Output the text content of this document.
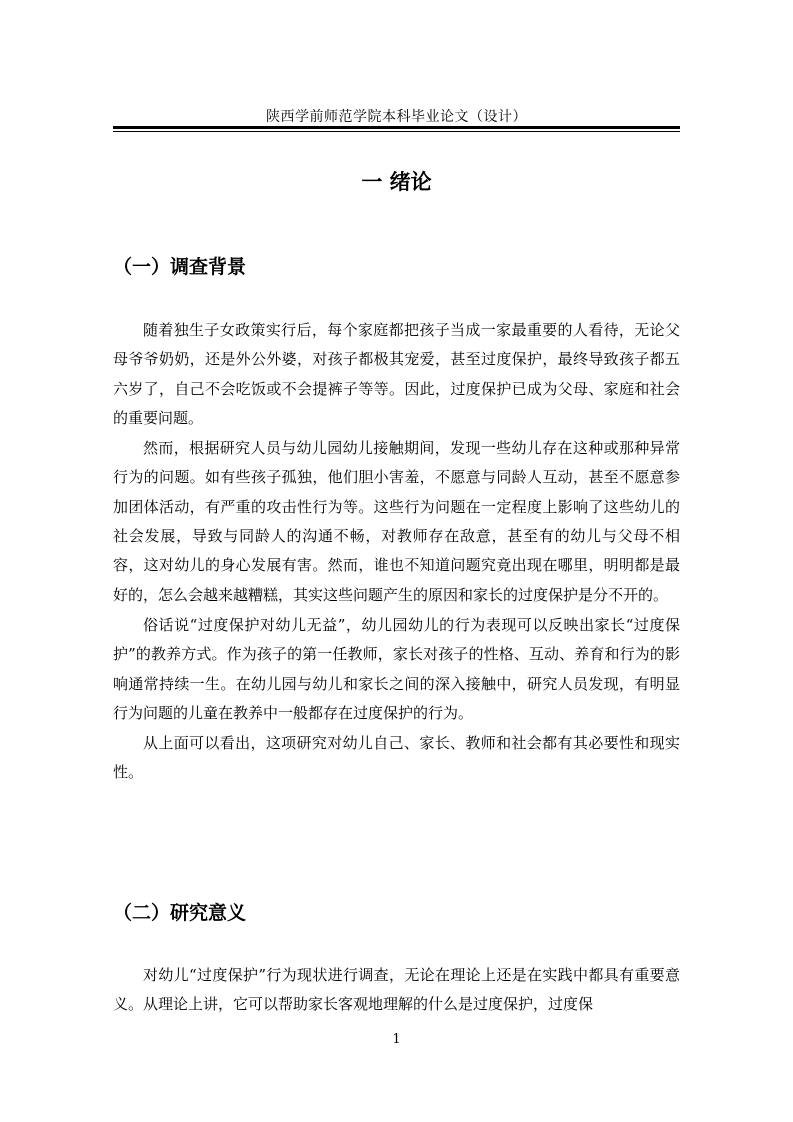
陕西学前师范学院本科毕业论文（设计）
一 绪论
（一）调查背景

随着独生子女政策实行后，每个家庭都把孩子当成一家最重要的人看待，无论父母爷爷奶奶，还是外公外婆，对孩子都极其宠爱，甚至过度保护，最终导致孩子都五六岁了，自己不会吃饭或不会提裤子等等。因此，过度保护已成为父母、家庭和社会的重要问题。

然而，根据研究人员与幼儿园幼儿接触期间，发现一些幼儿存在这种或那种异常行为的问题。如有些孩子孤独，他们胆小害羞，不愿意与同龄人互动，甚至不愿意参加团体活动，有严重的攻击性行为等。这些行为问题在一定程度上影响了这些幼儿的社会发展，导致与同龄人的沟通不畅，对教师存在敌意，甚至有的幼儿与父母不相容，这对幼儿的身心发展有害。然而，谁也不知道问题究竟出现在哪里，明明都是最好的，怎么会越来越糟糕，其实这些问题产生的原因和家长的过度保护是分不开的。

俗话说“过度保护对幼儿无益”，幼儿园幼儿的行为表现可以反映出家长“过度保护”的教养方式。作为孩子的第一任教师，家长对孩子的性格、互动、养育和行为的影响通常持续一生。在幼儿园与幼儿和家长之间的深入接触中，研究人员发现，有明显行为问题的儿童在教养中一般都存在过度保护的行为。

从上面可以看出，这项研究对幼儿自己、家长、教师和社会都有其必要性和现实性。

（二）研究意义

对幼儿“过度保护”行为现状进行调查，无论在理论上还是在实践中都具有重要意义。从理论上讲，它可以帮助家长客观地理解的什么是过度保护，过度保

1
